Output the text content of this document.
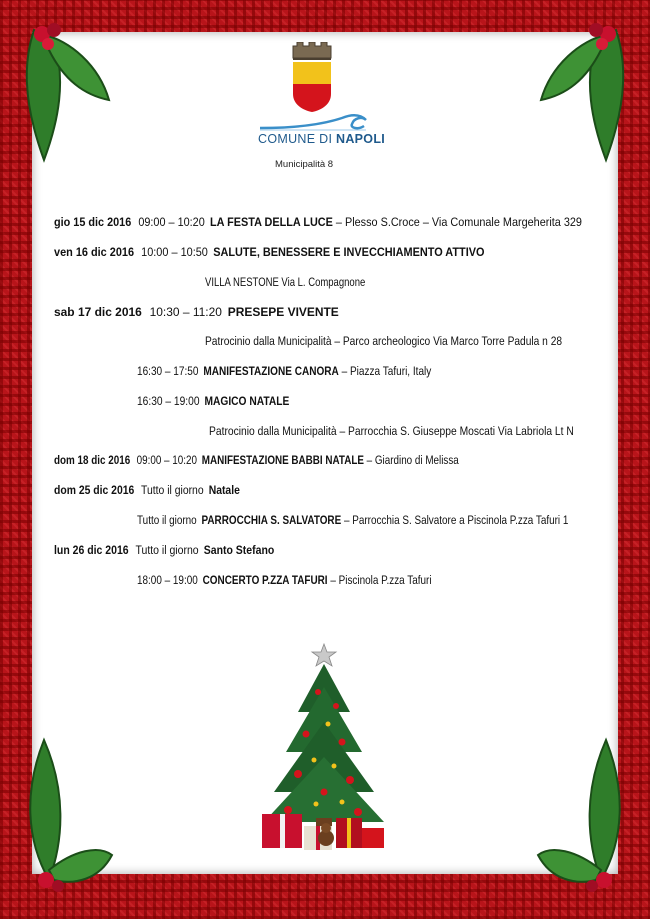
COMUNE DI NAPOLI
Municipalità 8
gio 15 dic 2016 09:00 – 10:20 LA FESTA DELLA LUCE – Plesso S.Croce – Via Comunale Margeherita 329
ven 16 dic 2016 10:00 – 10:50 SALUTE, BENESSERE E INVECCHIAMENTO ATTIVO
VILLA NESTONE Via L. Compagnone
sab 17 dic 2016 10:30 – 11:20 PRESEPE VIVENTE
Patrocinio dalla Municipalità – Parco archeologico Via Marco Torre Padula n 28
16:30 – 17:50 MANIFESTAZIONE CANORA – Piazza Tafuri, Italy
16:30 – 19:00 MAGICO NATALE
Patrocinio dalla Municipalità – Parrocchia S. Giuseppe Moscati Via Labriola Lt N
dom 18 dic 2016 09:00 – 10:20 MANIFESTAZIONE BABBI NATALE – Giardino di Melissa
dom 25 dic 2016 Tutto il giorno Natale
Tutto il giorno PARROCCHIA S. SALVATORE – Parrocchia S. Salvatore a Piscinola P.zza Tafuri 1
lun 26 dic 2016 Tutto il giorno Santo Stefano
18:00 – 19:00 CONCERTO P.ZZA TAFURI – Piscinola P.zza Tafuri
